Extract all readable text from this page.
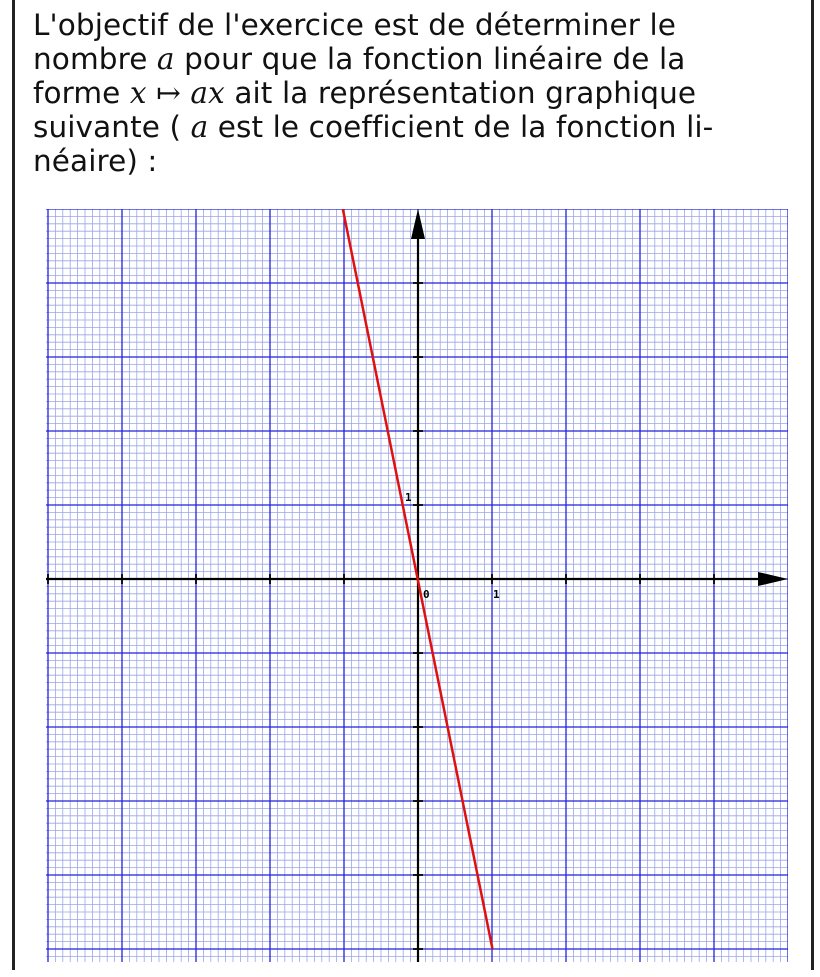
L'objectif de l'exercice est de déterminer le
nombre a pour que la fonction linéaire de la
forme x ↦ ax ait la représentation graphique
suivante ( a est le coefficient de la fonction li-
néaire) :
0	1
1
